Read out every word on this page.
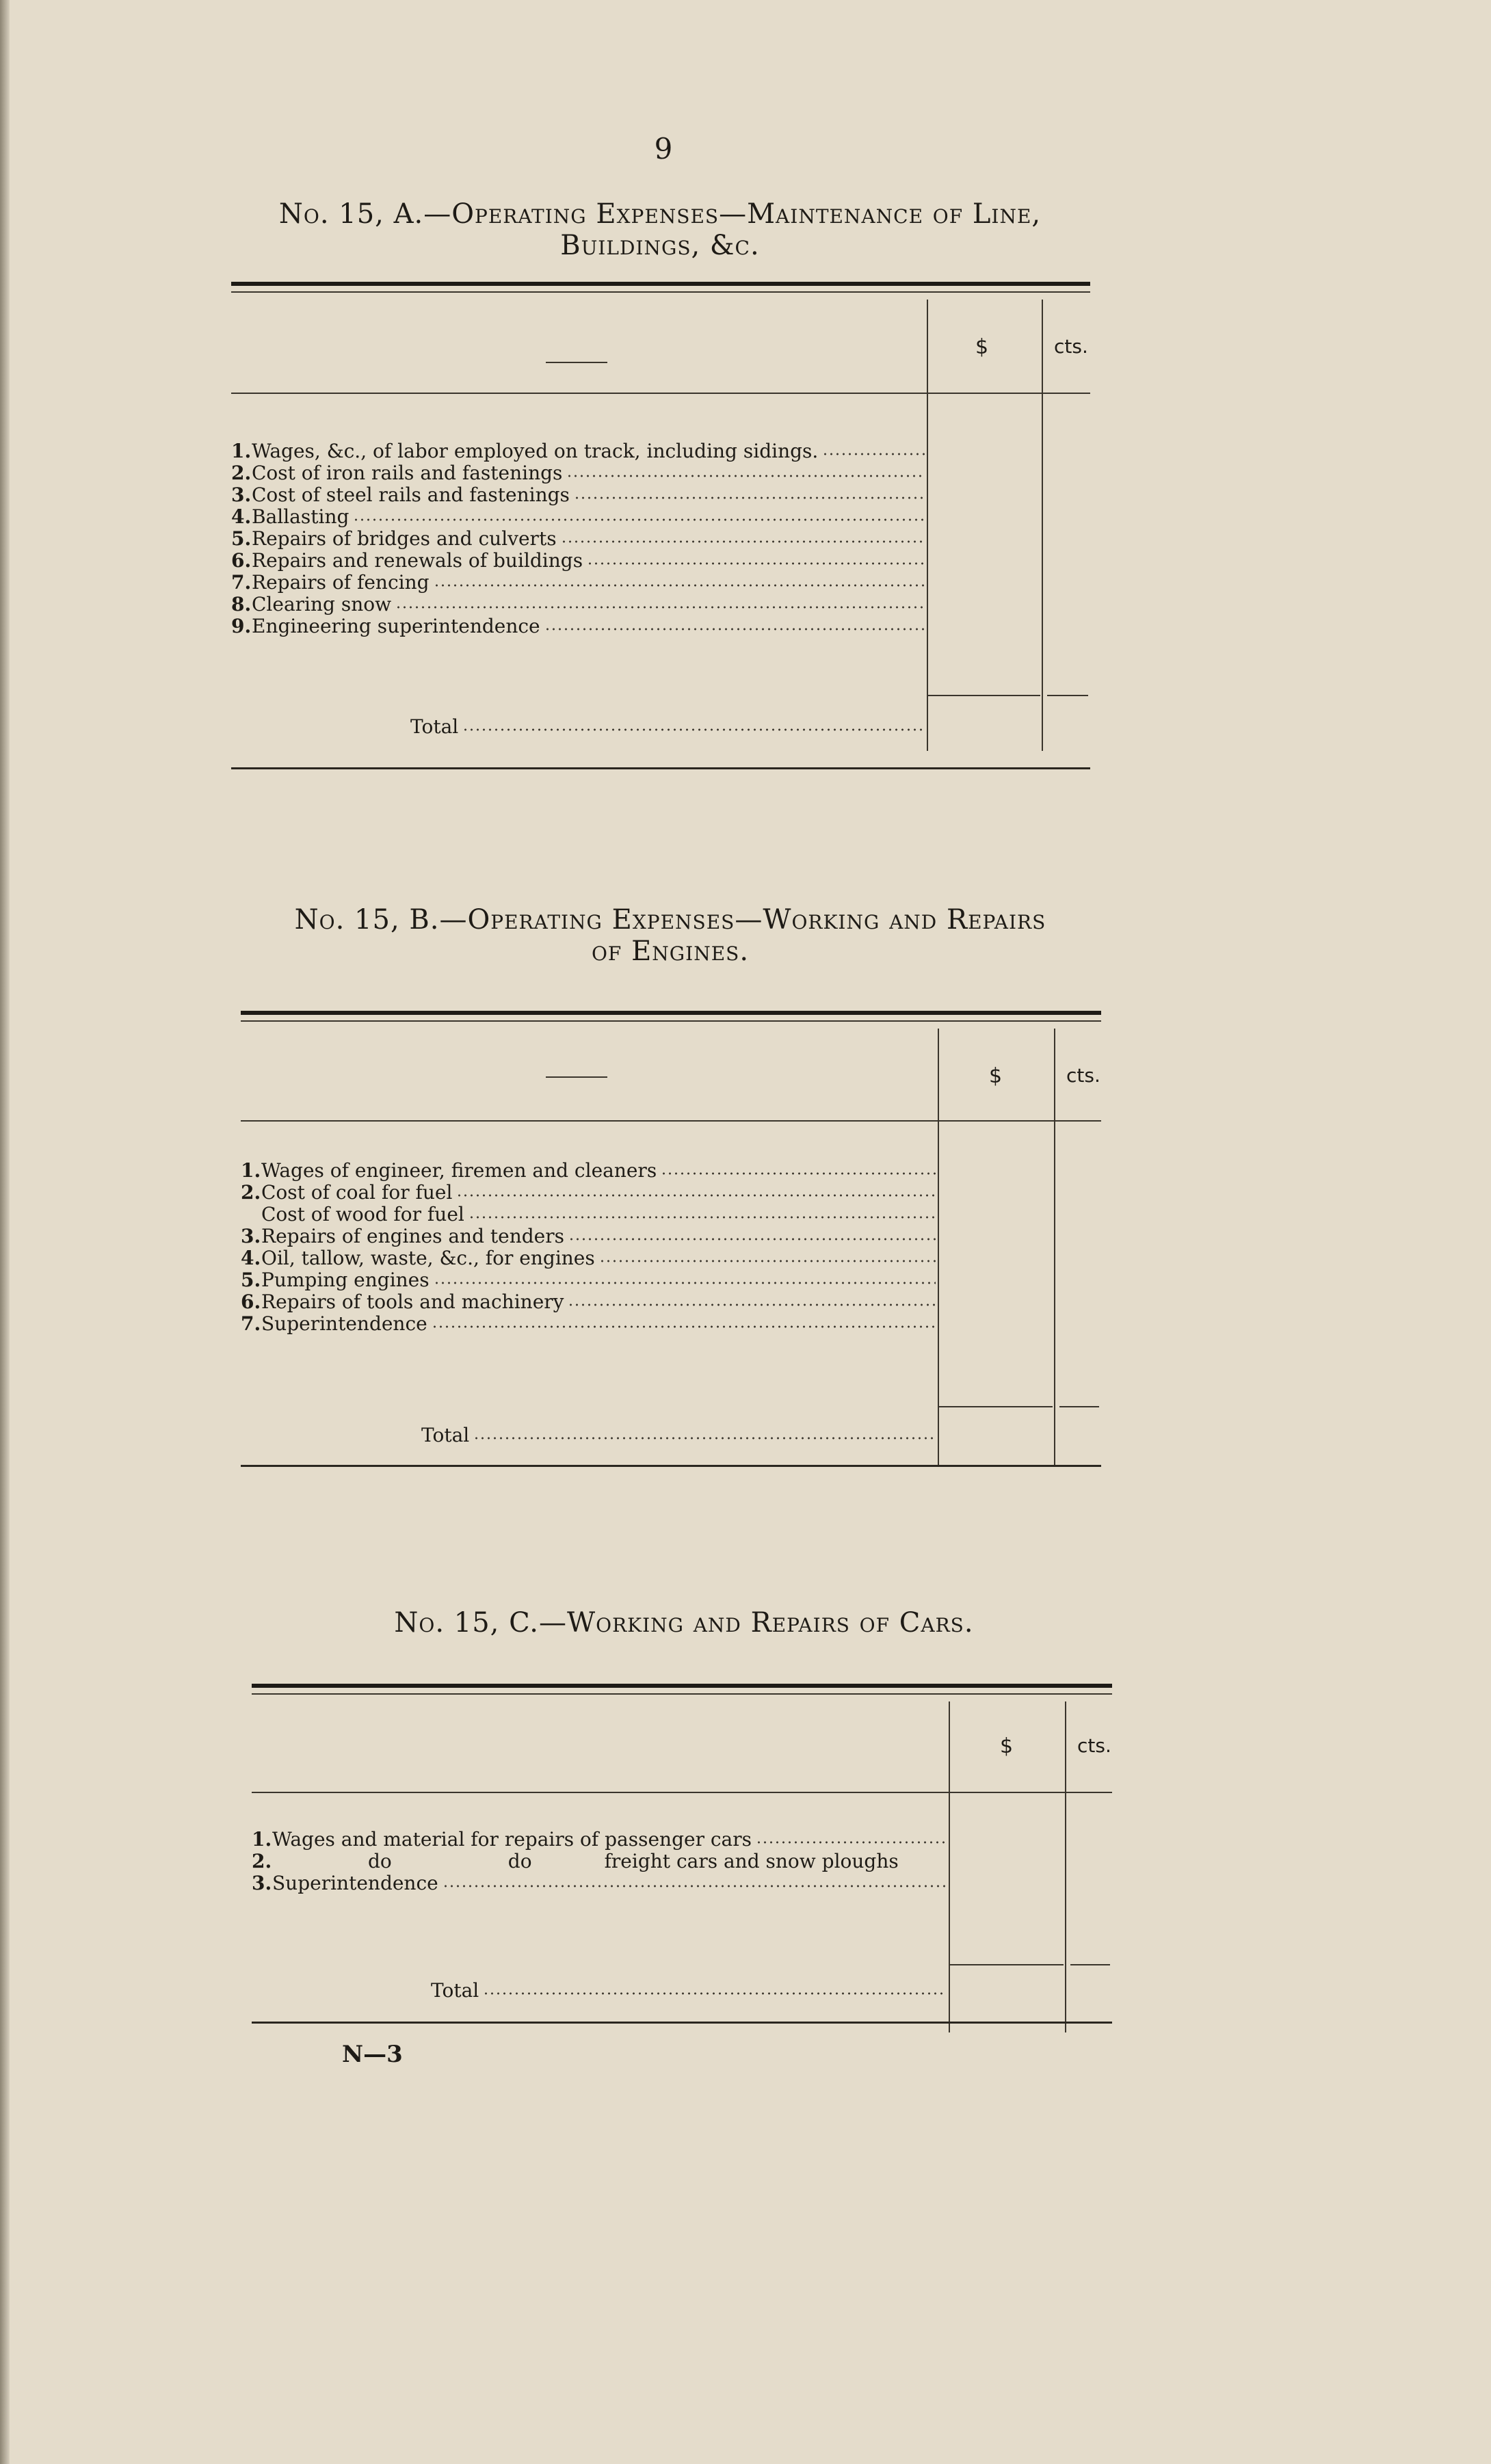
9
No. 15, A.—Operating Expenses—Maintenance of Line,
Buildings, &c.
$	cts.
1. Wages, &c., of labor employed on track, including sidings.
2. Cost of iron rails and fastenings
3. Cost of steel rails and fastenings
4. Ballasting
5. Repairs of bridges and culverts
6. Repairs and renewals of buildings
7. Repairs of fencing
8. Clearing snow
9. Engineering superintendence
Total
No. 15, B.—Operating Expenses—Working and Repairs
of Engines.
$	cts.
1. Wages of engineer, firemen and cleaners
2. Cost of coal for fuel
Cost of wood for fuel
3. Repairs of engines and tenders
4. Oil, tallow, waste, &c., for engines
5. Pumping engines
6. Repairs of tools and machinery
7. Superintendence
Total
No. 15, C.—Working and Repairs of Cars.
$	cts.
1. Wages and material for repairs of passenger cars
2.	do	do	freight cars and snow ploughs
3. Superintendence
Total
N—3
